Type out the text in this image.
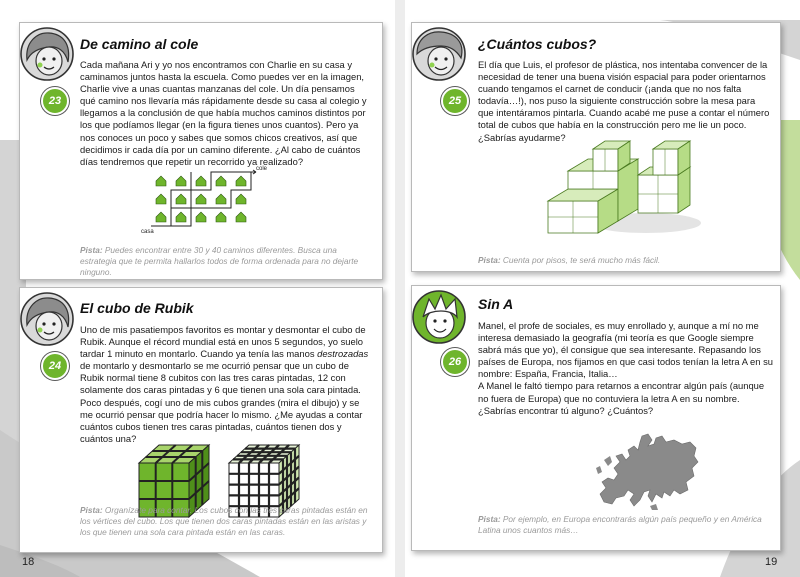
23
De camino al cole

Cada mañana Ari y yo nos encontramos con Charlie en su casa y caminamos juntos hasta la escuela. Como puedes ver en la imagen, Charlie vive a unas cuantas manzanas del cole. Un día pensamos qué camino nos llevaría más rápidamente desde su casa al colegio y llegamos a la conclusión de que había muchos caminos distintos por los que podíamos llegar (en la figura tienes unos cuantos). Pero ya nos conoces un poco y sabes que somos chicos creativos, así que decidimos ir cada día por un camino diferente. ¿Al cabo de cuántos días tendremos que repetir un recorrido ya realizado?

cole
casa

Pista: Puedes encontrar entre 30 y 40 caminos diferentes. Busca una estrategia que te permita hallarlos todos de forma ordenada para no dejarte ninguno.

25
¿Cuántos cubos?

El día que Luis, el profesor de plástica, nos intentaba convencer de la necesidad de tener una buena visión espacial para poder orientarnos cuando tengamos el carnet de conducir (¡anda que no nos falta todavía…!), nos puso la siguiente construcción sobre la mesa para que intentáramos pintarla. Cuando acabé me puse a contar el número total de cubos que había en la construcción pero me lie un poco. ¿Sabrías ayudarme?

Pista: Cuenta por pisos, te será mucho más fácil.

24
El cubo de Rubik

Uno de mis pasatiempos favoritos es montar y desmontar el cubo de Rubik. Aunque el récord mundial está en unos 5 segundos, yo suelo tardar 1 minuto en montarlo. Cuando ya tenía las manos destrozadas de montarlo y desmontarlo se me ocurrió pensar que un cubo de Rubik normal tiene 8 cubitos con las tres caras pintadas, 12 con solamente dos caras pintadas y 6 que tienen una sola cara pintada. Poco después, cogí uno de mis cubos grandes (mira el dibujo) y se me ocurrió pensar que podría hacer lo mismo. ¿Me ayudas a contar cuántos cubos tienen tres caras pintadas, cuántos tienen dos y cuántos una?

Pista: Organízate para contar. Los cubos con las tres caras pintadas están en los vértices del cubo. Los que tienen dos caras pintadas están en las aristas y los que tienen una sola cara pintada están en las caras.

26
Sin A

Manel, el profe de sociales, es muy enrollado y, aunque a mí no me interesa demasiado la geografía (mi teoría es que Google siempre sabrá más que yo), él consigue que sea interesante. Repasando los países de Europa, nos fijamos en que casi todos tenían la letra A en su nombre: España, Francia, Italia…

A Manel le faltó tiempo para retarnos a encontrar algún país (aunque no fuera de Europa) que no contuviera la letra A en su nombre. ¿Sabrías encontrar tú alguno? ¿Cuántos?

Pista: Por ejemplo, en Europa encontrarás algún país pequeño y en América Latina unos cuantos más…

18	19
